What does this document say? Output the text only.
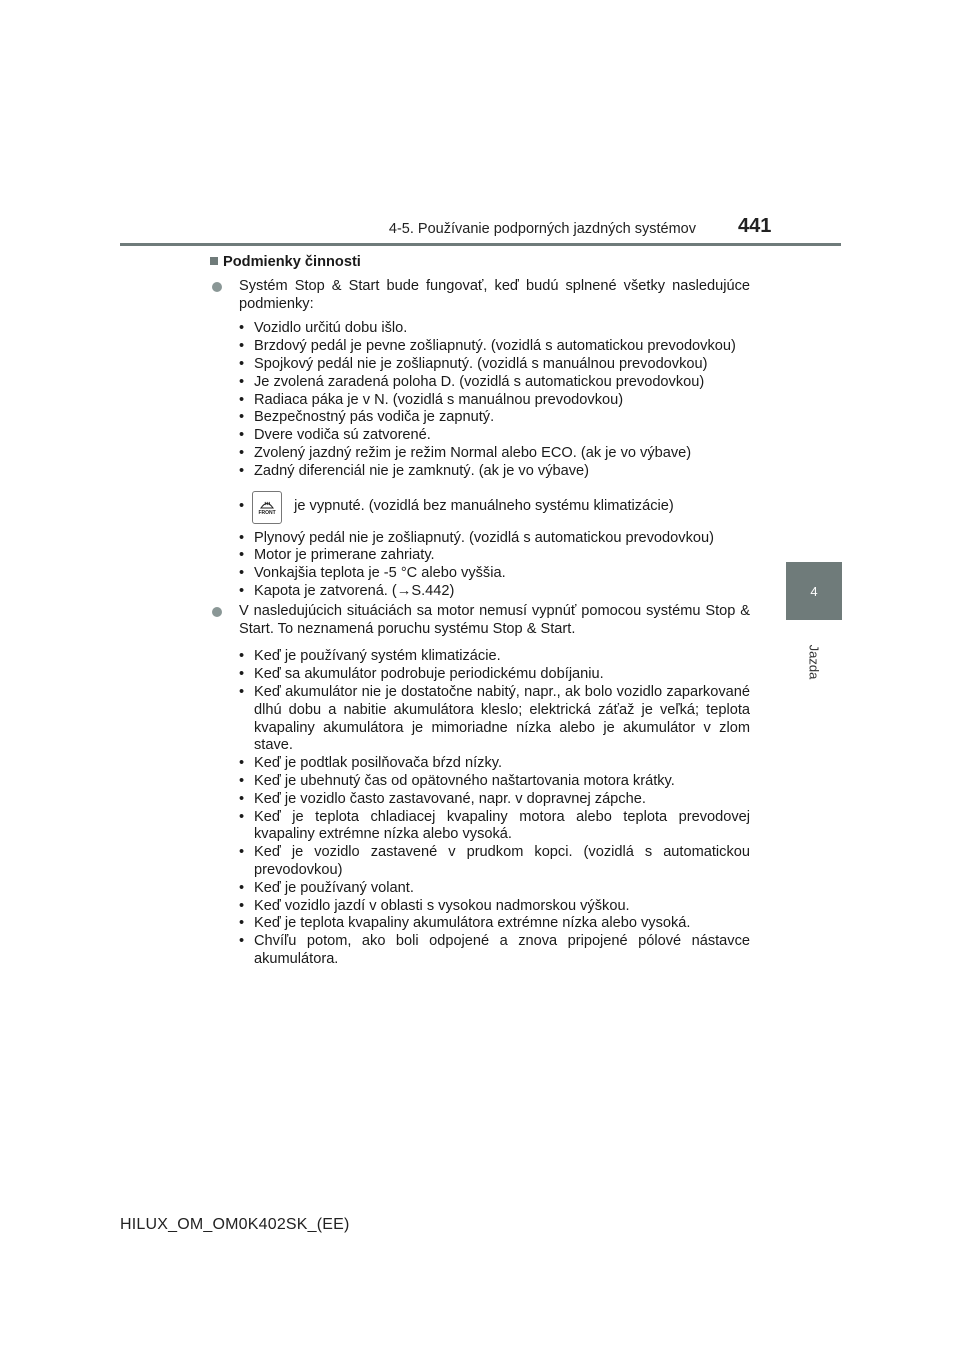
4-5. Používanie podporných jazdných systémov 441
4
Jazda
Podmienky činnosti
Systém Stop & Start bude fungovať, keď budú splnené všetky nasledujúce podmienky:
• Vozidlo určitú dobu išlo.
• Brzdový pedál je pevne zošliapnutý. (vozidlá s automatickou prevodovkou)
• Spojkový pedál nie je zošliapnutý. (vozidlá s manuálnou prevodovkou)
• Je zvolená zaradená poloha D. (vozidlá s automatickou prevodovkou)
• Radiaca páka je v N. (vozidlá s manuálnou prevodovkou)
• Bezpečnostný pás vodiča je zapnutý.
• Dvere vodiča sú zatvorené.
• Zvolený jazdný režim je režim Normal alebo ECO. (ak je vo výbave)
• Zadný diferenciál nie je zamknutý. (ak je vo výbave)
•	FRONT je vypnuté. (vozidlá bez manuálneho systému klimatizácie)
• Plynový pedál nie je zošliapnutý. (vozidlá s automatickou prevodovkou)
• Motor je primerane zahriaty.
• Vonkajšia teplota je -5 °C alebo vyššia.
• Kapota je zatvorená. (→S.442)
V nasledujúcich situáciách sa motor nemusí vypnúť pomocou systému Stop & Start. To neznamená poruchu systému Stop & Start.
• Keď je používaný systém klimatizácie.
• Keď sa akumulátor podrobuje periodickému dobíjaniu.
• Keď akumulátor nie je dostatočne nabitý, napr., ak bolo vozidlo zaparkované dlhú dobu a nabitie akumulátora kleslo; elektrická záťaž je veľká; teplota kvapaliny akumulátora je mimoriadne nízka alebo je akumulátor v zlom stave.
• Keď je podtlak posilňovača bŕzd nízky.
• Keď je ubehnutý čas od opätovného naštartovania motora krátky.
• Keď je vozidlo často zastavované, napr. v dopravnej zápche.
• Keď je teplota chladiacej kvapaliny motora alebo teplota prevodovej kvapaliny extrémne nízka alebo vysoká.
• Keď je vozidlo zastavené v prudkom kopci. (vozidlá s automatickou prevodovkou)
• Keď je používaný volant.
• Keď vozidlo jazdí v oblasti s vysokou nadmorskou výškou.
• Keď je teplota kvapaliny akumulátora extrémne nízka alebo vysoká.
• Chvíľu potom, ako boli odpojené a znova pripojené pólové nástavce akumulátora.
HILUX_OM_OM0K402SK_(EE)
